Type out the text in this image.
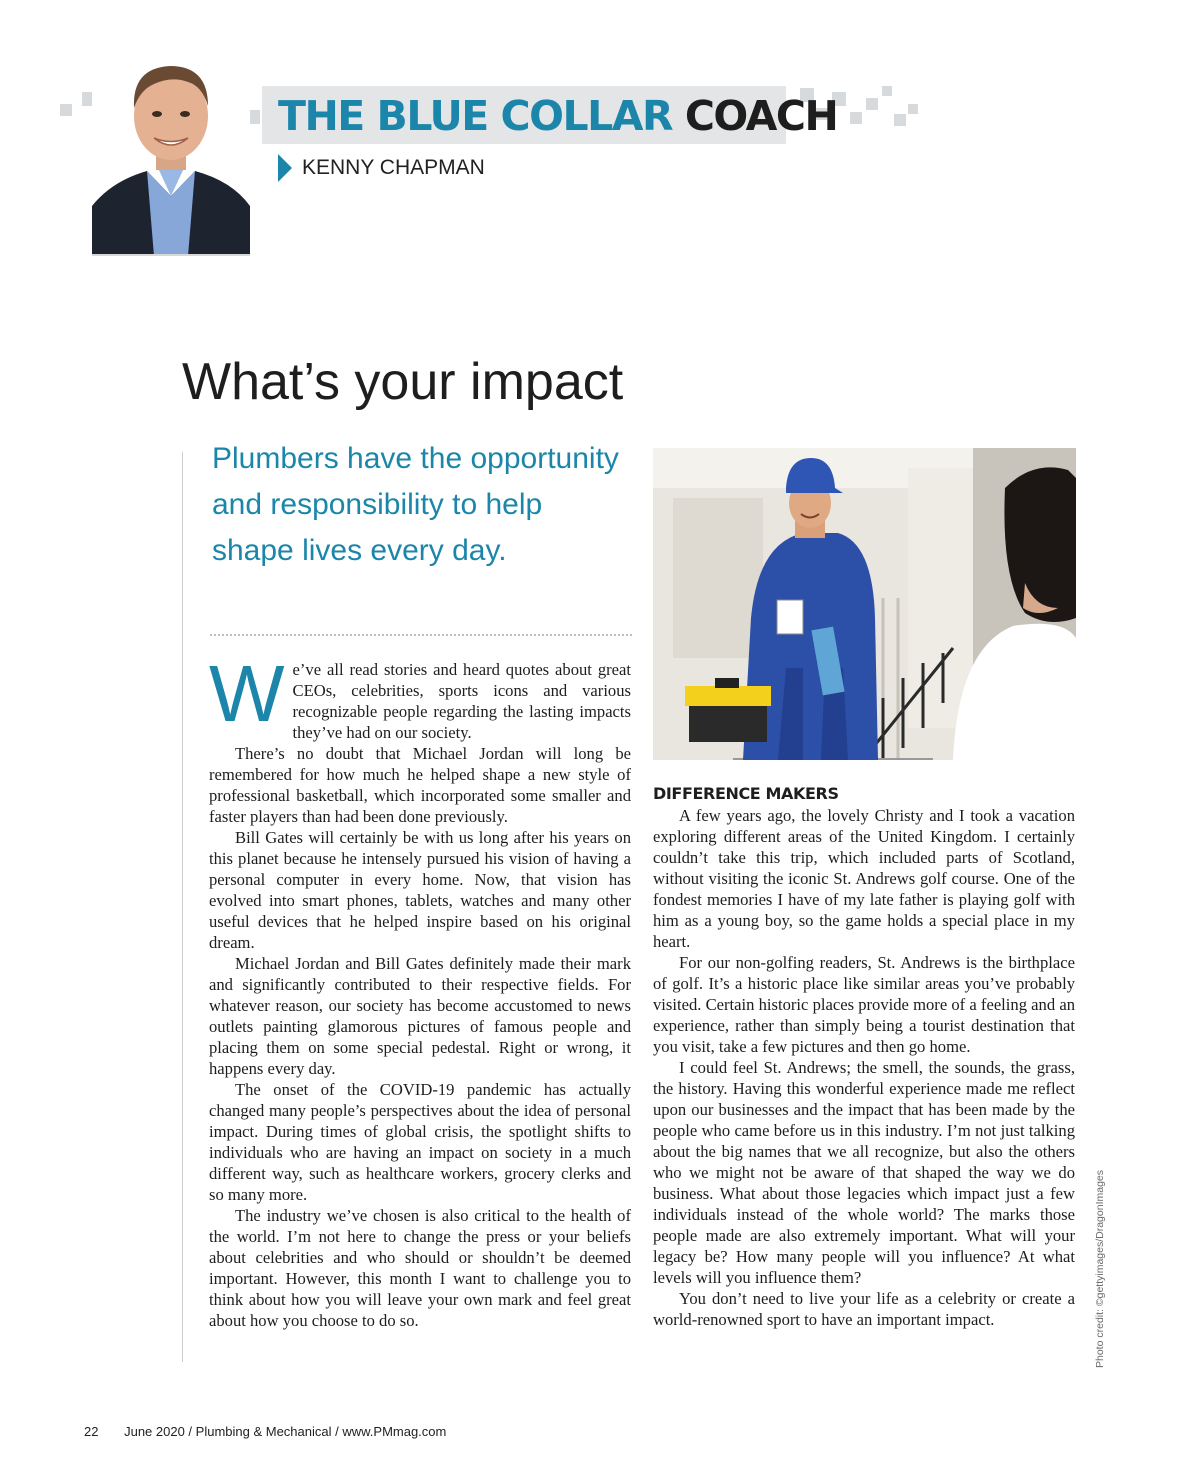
THE BLUE COLLAR COACH
KENNY CHAPMAN
What’s your impact
Plumbers have the opportunity and responsibility to help shape lives every day.

We’ve all read stories and heard quotes about great CEOs, celebrities, sports icons and various recognizable people regarding the lasting impacts they’ve had on our society.

There’s no doubt that Michael Jordan will long be remembered for how much he helped shape a new style of professional basketball, which incorporated some smaller and faster players than had been done previously.

Bill Gates will certainly be with us long after his years on this planet because he intensely pursued his vision of having a personal computer in every home. Now, that vision has evolved into smart phones, tablets, watches and many other useful devices that he helped inspire based on his original dream.

Michael Jordan and Bill Gates definitely made their mark and significantly contributed to their respective fields. For whatever reason, our society has become accustomed to news outlets painting glamorous pictures of famous people and placing them on some special pedestal. Right or wrong, it happens every day.

The onset of the COVID-19 pandemic has actually changed many people’s perspectives about the idea of personal impact. During times of global crisis, the spotlight shifts to individuals who are having an impact on society in a much different way, such as healthcare workers, grocery clerks and so many more.

The industry we’ve chosen is also critical to the health of the world. I’m not here to change the press or your beliefs about celebrities and who should or shouldn’t be deemed important. However, this month I want to challenge you to think about how you will leave your own mark and feel great about how you choose to do so.

DIFFERENCE MAKERS

A few years ago, the lovely Christy and I took a vacation exploring different areas of the United Kingdom. I certainly couldn’t take this trip, which included parts of Scotland, without visiting the iconic St. Andrews golf course. One of the fondest memories I have of my late father is playing golf with him as a young boy, so the game holds a special place in my heart.

For our non-golfing readers, St. Andrews is the birthplace of golf. It’s a historic place like similar areas you’ve probably visited. Certain historic places provide more of a feeling and an experience, rather than simply being a tourist destination that you visit, take a few pictures and then go home.

I could feel St. Andrews; the smell, the sounds, the grass, the history. Having this wonderful experience made me reflect upon our businesses and the impact that has been made by the people who came before us in this industry. I’m not just talking about the big names that we all recognize, but also the others who we might not be aware of that shaped the way we do business. What about those legacies which impact just a few individuals instead of the whole world? The marks those people made are also extremely important. What will your legacy be? How many people will you influence? At what levels will you influence them?

You don’t need to live your life as a celebrity or create a world-renowned sport to have an important impact.	Photo credit: ©gettyimages/DragonImages
22 June 2020 / Plumbing & Mechanical / www.PMmag.com
